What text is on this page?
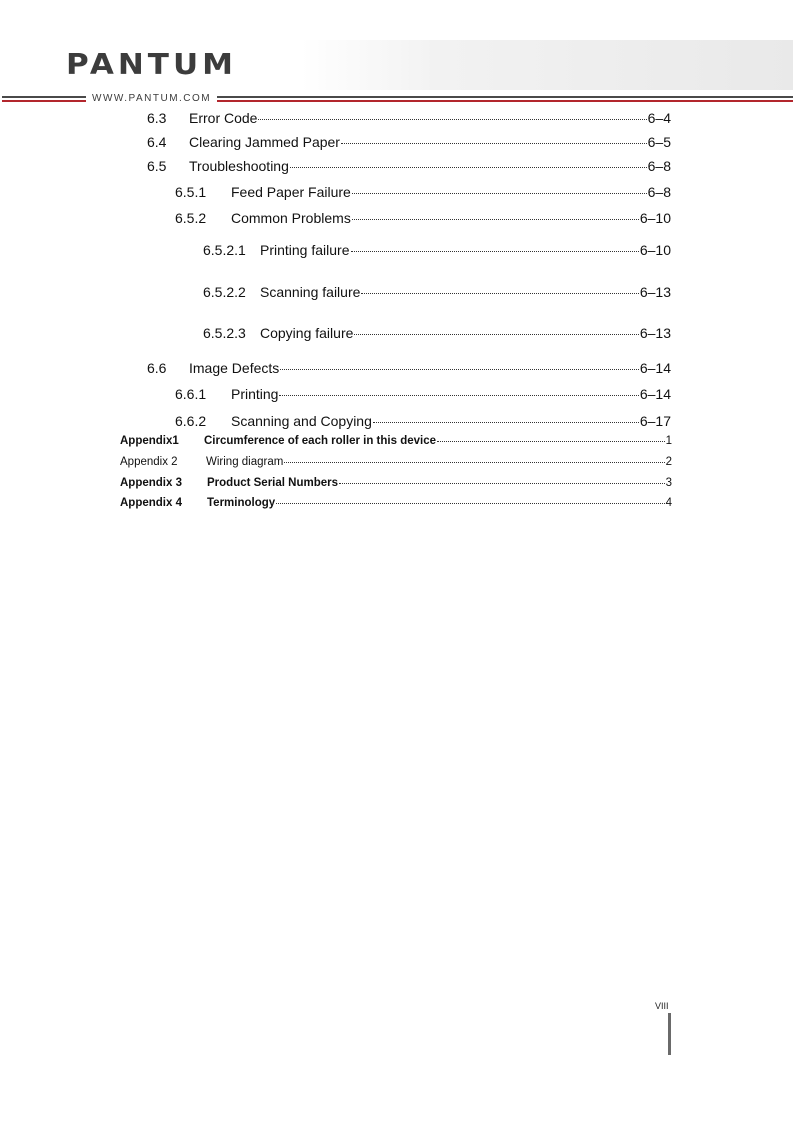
PANTUM
WWW.PANTUM.COM
6.3	Error Code	6–4
6.4	Clearing Jammed Paper	6–5
6.5	Troubleshooting	6–8
6.5.1	Feed Paper Failure	6–8
6.5.2	Common Problems	6–10
6.5.2.1	Printing failure	6–10
6.5.2.2	Scanning failure	6–13
6.5.2.3	Copying failure	6–13
6.6	Image Defects	6–14
6.6.1	Printing	6–14
6.6.2	Scanning and Copying	6–17
Appendix1	Circumference of each roller in this device	1
Appendix 2	Wiring diagram	2
Appendix 3	Product Serial Numbers	3
Appendix 4	Terminology	4
VIII
